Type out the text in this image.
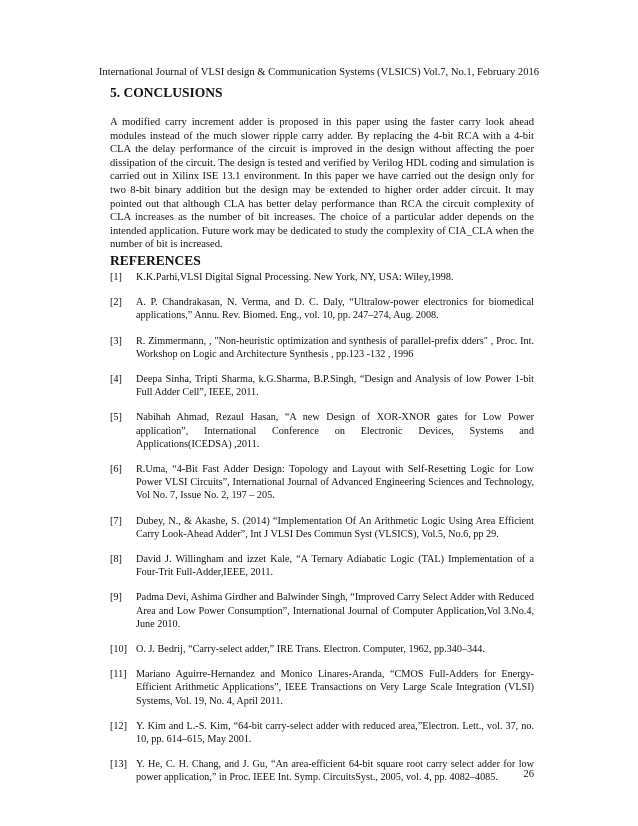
International Journal of VLSI design & Communication Systems (VLSICS) Vol.7, No.1, February 2016
5. CONCLUSIONS

A modified carry increment adder is proposed in this paper using the faster carry look ahead modules instead of the much slower ripple carry adder. By replacing the 4-bit RCA with a 4-bit CLA the delay performance of the circuit is improved in the design without affecting the poer dissipation of the circuit. The design is tested and verified by Verilog HDL coding and simulation is carried out in Xilinx ISE 13.1 environment. In this paper we have carried out the design only for two 8-bit binary addition but the design may be extended to higher order adder circuit. It may pointed out that although CLA has better delay performance than RCA the circuit complexity of CLA increases as the number of bit increases. The choice of a particular adder depends on the intended application. Future work may be dedicated to study the complexity of CIA_CLA when the number of bit is increased.

REFERENCES
[1] K.K.Parhi,VLSI Digital Signal Processing. New York, NY, USA: Wiley,1998.
[2] A. P. Chandrakasan, N. Verma, and D. C. Daly, “Ultralow-power electronics for biomedical applications,” Annu. Rev. Biomed. Eng., vol. 10, pp. 247–274, Aug. 2008.
[3] R. Zimmermann, , "Non-heuristic optimization and synthesis of parallel-prefix dders" , Proc. Int. Workshop on Logic and Architecture Synthesis , pp.123 -132 , 1996
[4] Deepa Sinha, Tripti Sharma, k.G.Sharma, B.P.Singh, “Design and Analysis of low Power 1-bit Full Adder Cell”, IEEE, 2011.
[5] Nabihah Ahmad, Rezaul Hasan, “A new Design of XOR-XNOR gates for Low Power application”, International Conference on Electronic Devices, Systems and Applications(ICEDSA) ,2011.
[6] R.Uma, “4-Bit Fast Adder Design: Topology and Layout with Self-Resetting Logic for Low Power VLSI Circuits”, International Journal of Advanced Engineering Sciences and Technology, Vol No. 7, Issue No. 2, 197 – 205.
[7] Dubey, N., & Akashe, S. (2014) “Implementation Of An Arithmetic Logic Using Area Efficient Carry Look-Ahead Adder”, Int J VLSI Des Commun Syst (VLSICS), Vol.5, No.6, pp 29.
[8] David J. Willingham and izzet Kale, “A Ternary Adiabatic Logic (TAL) Implementation of a Four-Trit Full-Adder,IEEE, 2011.
[9] Padma Devi, Ashima Girdher and Balwinder Singh, “Improved Carry Select Adder with Reduced Area and Low Power Consumption”, International Journal of Computer Application,Vol 3.No.4, June 2010.
[10] O. J. Bedrij, “Carry-select adder,” IRE Trans. Electron. Computer, 1962, pp.340–344.
[11] Mariano Aguirre-Hernandez and Monico Linares-Aranda, “CMOS Full-Adders for Energy-Efficient Arithmetic Applications”, IEEE Transactions on Very Large Scale Integration (VLSI) Systems, Vol. 19, No. 4, April 2011.
[12] Y. Kim and L.-S. Kim, “64-bit carry-select adder with reduced area,”Electron. Lett., vol. 37, no. 10, pp. 614–615, May 2001.
[13] Y. He, C. H. Chang, and J. Gu, “An area-efficient 64-bit square root carry select adder for low power application,” in Proc. IEEE Int. Symp. CircuitsSyst., 2005, vol. 4, pp. 4082–4085.	26
